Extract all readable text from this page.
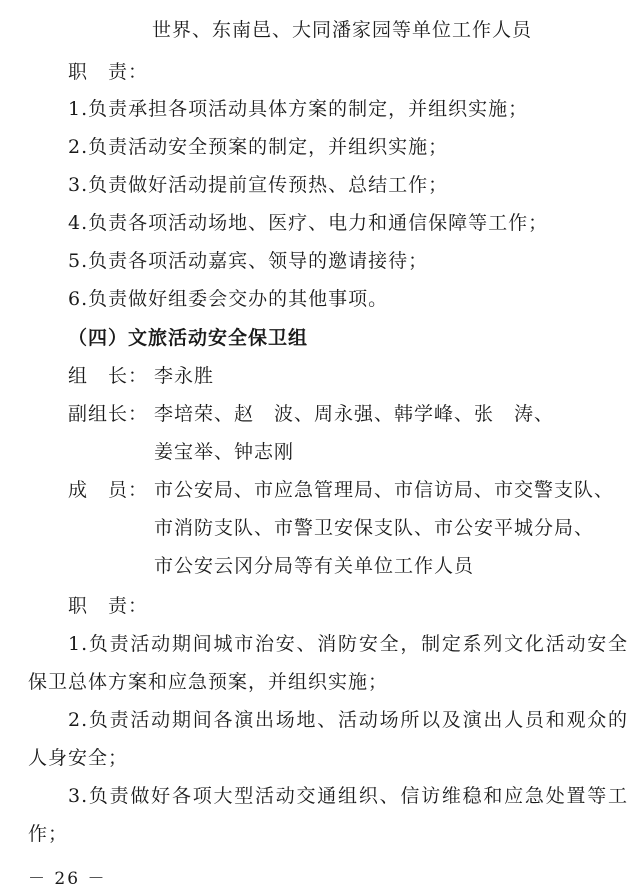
世界、东南邑、大同潘家园等单位工作人员
职　责：
1.负责承担各项活动具体方案的制定，并组织实施；
2.负责活动安全预案的制定，并组织实施；
3.负责做好活动提前宣传预热、总结工作；
4.负责各项活动场地、医疗、电力和通信保障等工作；
5.负责各项活动嘉宾、领导的邀请接待；
6.负责做好组委会交办的其他事项。
（四）文旅活动安全保卫组
组　长： 李永胜
副组长： 李培荣、赵　波、周永强、韩学峰、张　涛、
姜宝举、钟志刚
成　员： 市公安局、市应急管理局、市信访局、市交警支队、
市消防支队、市警卫安保支队、市公安平城分局、
市公安云冈分局等有关单位工作人员
职　责：
1.负责活动期间城市治安、消防安全，制定系列文化活动安全保卫总体方案和应急预案，并组织实施；
2.负责活动期间各演出场地、活动场所以及演出人员和观众的人身安全；
3.负责做好各项大型活动交通组织、信访维稳和应急处置等工作；
－ 26 －
